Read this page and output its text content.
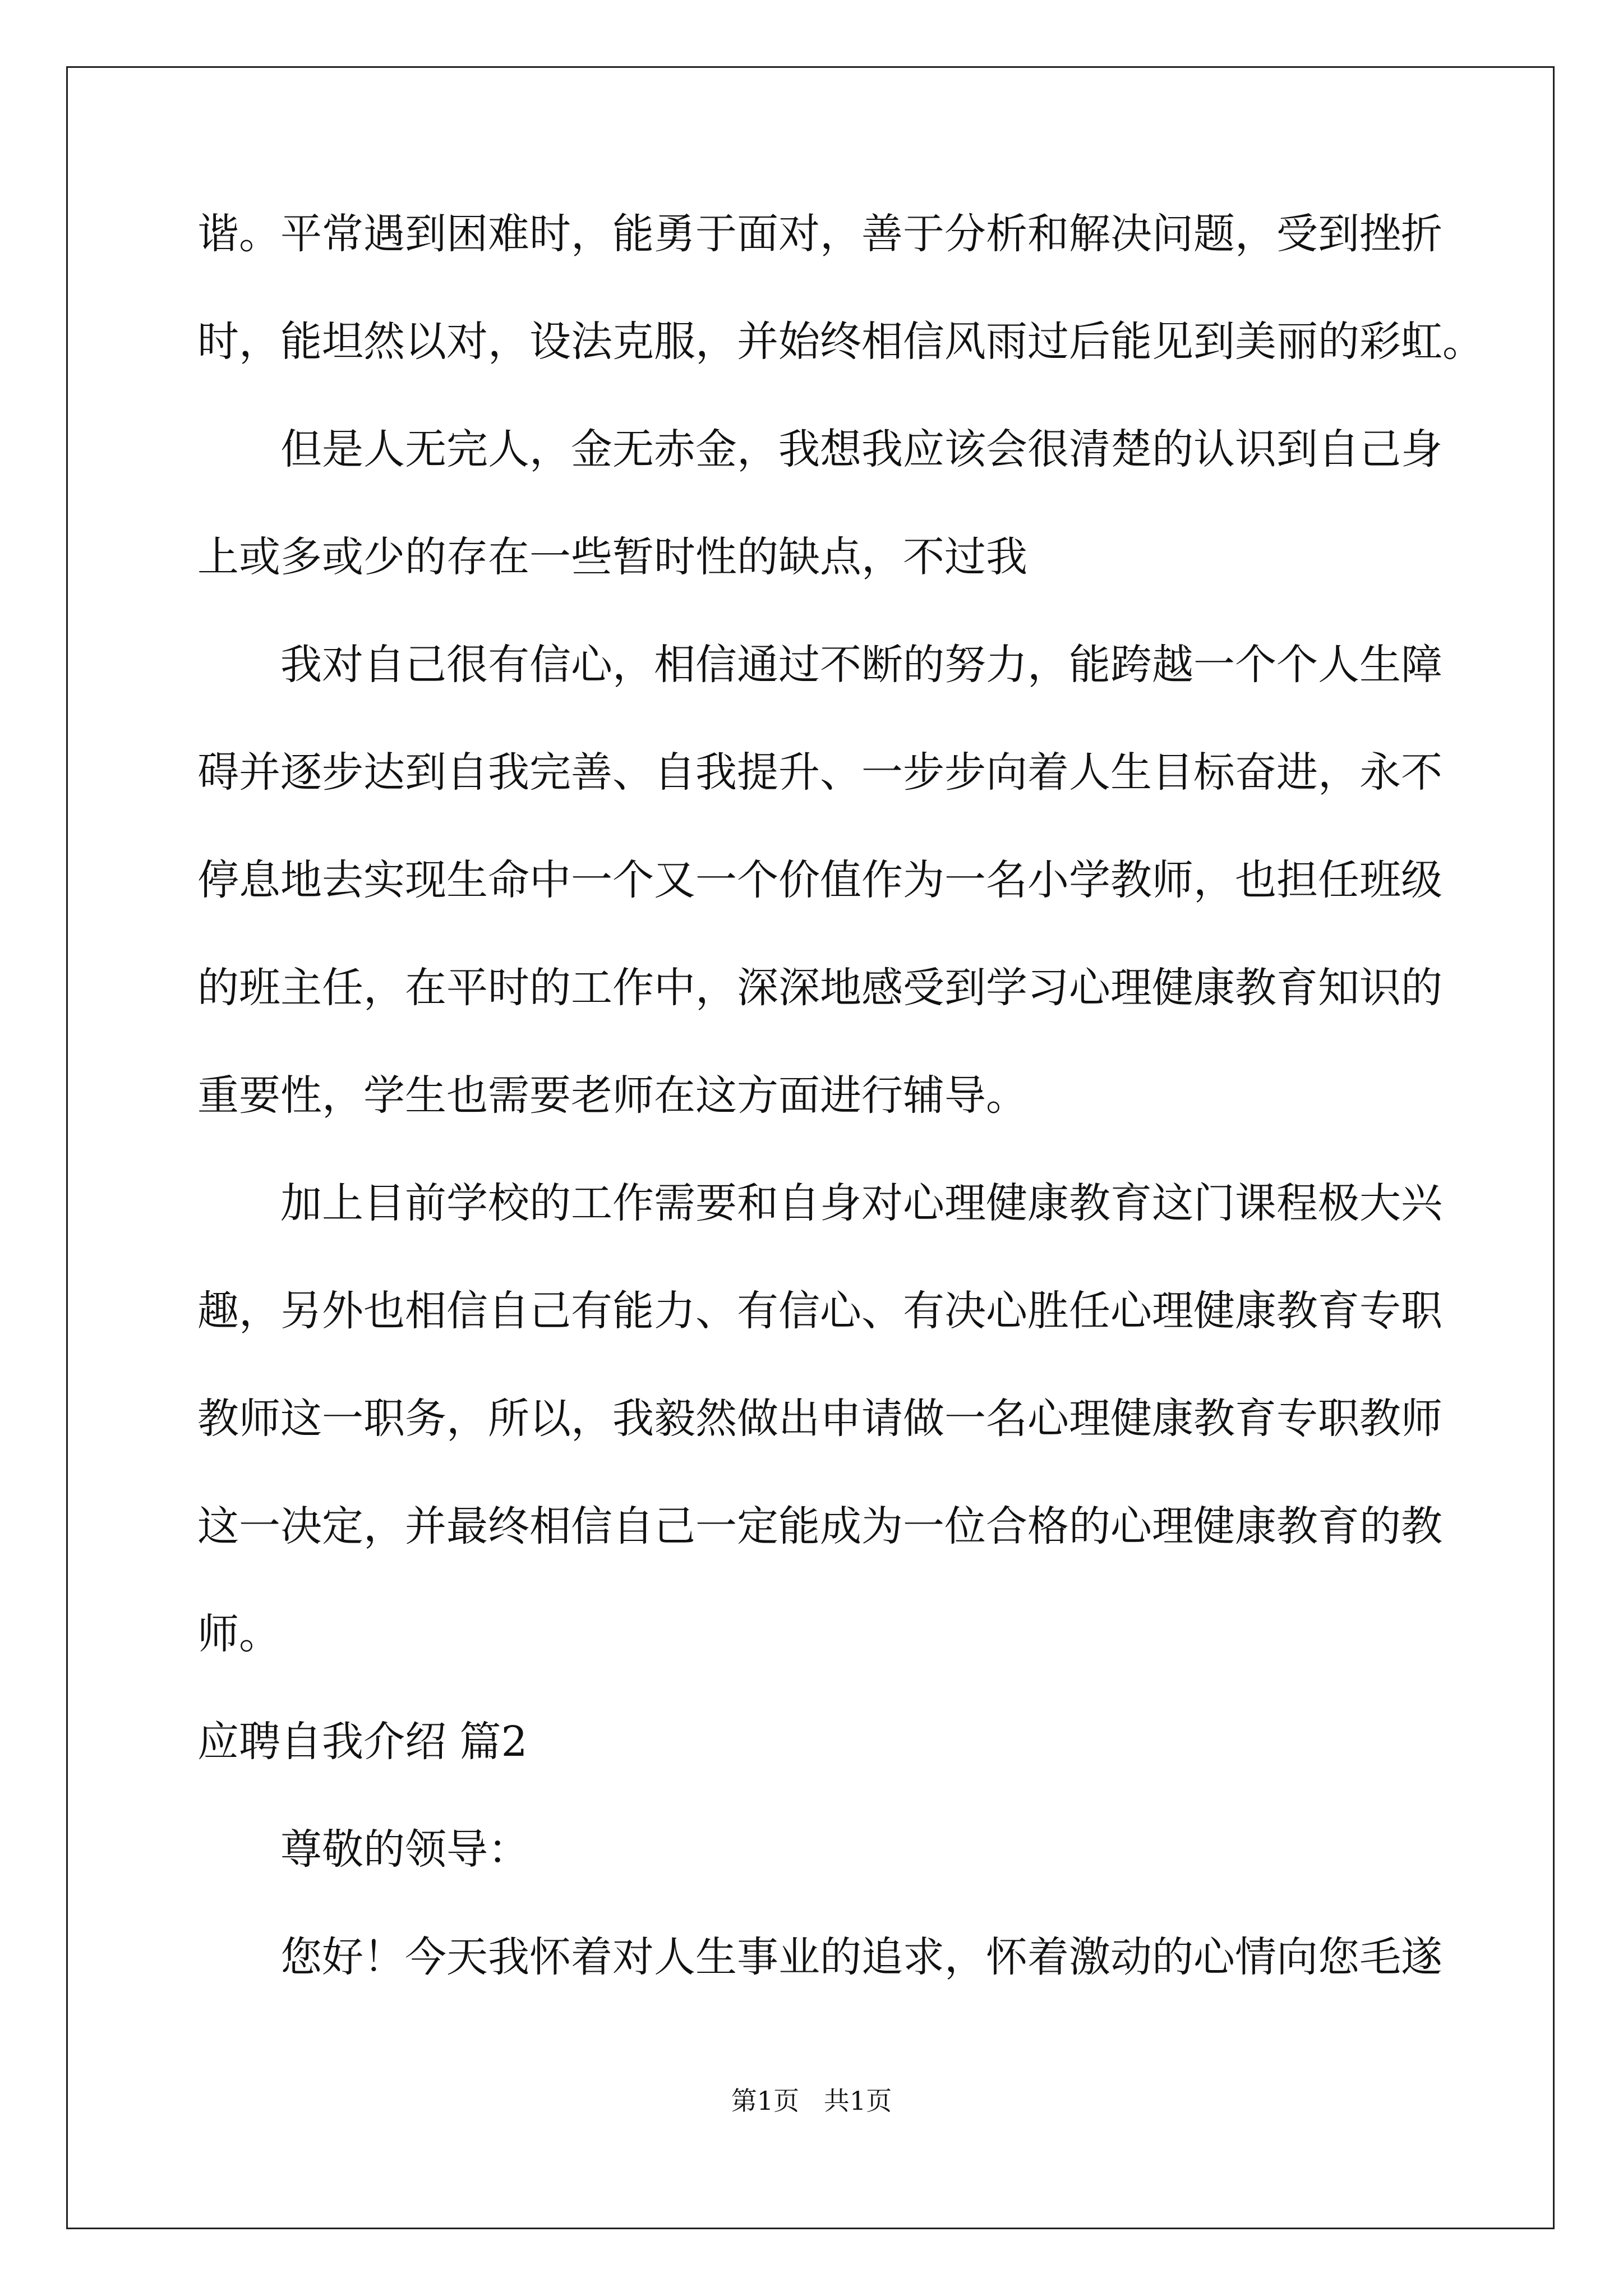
谐。平常遇到困难时，能勇于面对，善于分析和解决问题，受到挫折
时，能坦然以对，设法克服，并始终相信风雨过后能见到美丽的彩虹。
但是人无完人，金无赤金，我想我应该会很清楚的认识到自己身
上或多或少的存在一些暂时性的缺点，不过我
我对自己很有信心，相信通过不断的努力，能跨越一个个人生障
碍并逐步达到自我完善、自我提升、一步步向着人生目标奋进，永不
停息地去实现生命中一个又一个价值作为一名小学教师，也担任班级
的班主任，在平时的工作中，深深地感受到学习心理健康教育知识的
重要性，学生也需要老师在这方面进行辅导。
加上目前学校的工作需要和自身对心理健康教育这门课程极大兴
趣，另外也相信自己有能力、有信心、有决心胜任心理健康教育专职
教师这一职务，所以，我毅然做出申请做一名心理健康教育专职教师
这一决定，并最终相信自己一定能成为一位合格的心理健康教育的教
师。
应聘自我介绍 篇2
尊敬的领导：
您好！今天我怀着对人生事业的追求，怀着激动的心情向您毛遂
第1页   共1页
